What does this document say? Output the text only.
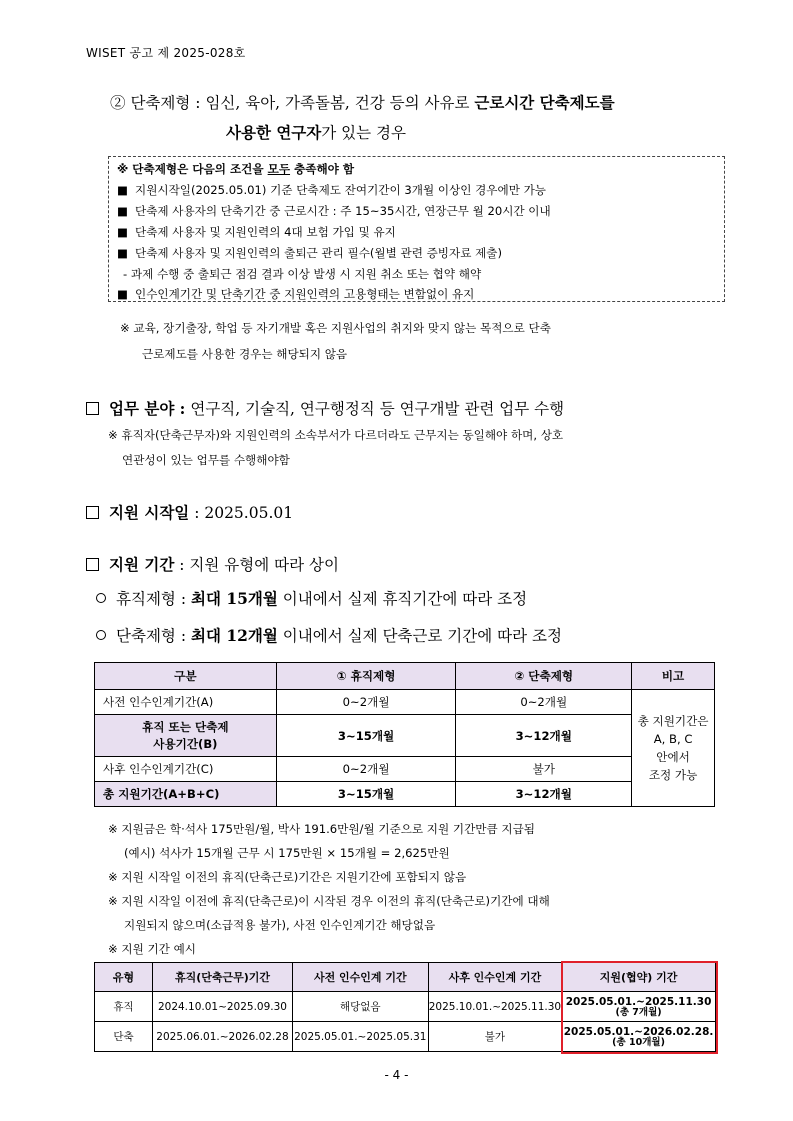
WISET 공고 제 2025-028호
② 단축제형 : 임신, 육아, 가족돌봄, 건강 등의 사유로 근로시간 단축제도를
사용한 연구자가 있는 경우
※ 단축제형은 다음의 조건을 모두 충족해야 함
■ 지원시작일(2025.05.01) 기준 단축제도 잔여기간이 3개월 이상인 경우에만 가능
■ 단축제 사용자의 단축기간 중 근로시간 : 주 15~35시간, 연장근무 월 20시간 이내
■ 단축제 사용자 및 지원인력의 4대 보험 가입 및 유지
■ 단축제 사용자 및 지원인력의 출퇴근 관리 필수(월별 관련 증빙자료 제출)
- 과제 수행 중 출퇴근 점검 결과 이상 발생 시 지원 취소 또는 협약 해약
■ 인수인계기간 및 단축기간 중 지원인력의 고용형태는 변함없이 유지
※ 교육, 장기출장, 학업 등 자기개발 혹은 지원사업의 취지와 맞지 않는 목적으로 단축
근로제도를 사용한 경우는 해당되지 않음
업무 분야 : 연구직, 기술직, 연구행정직 등 연구개발 관련 업무 수행
※ 휴직자(단축근무자)와 지원인력의 소속부서가 다르더라도 근무지는 동일해야 하며, 상호
연관성이 있는 업무를 수행해야함
지원 시작일 : 2025.05.01
지원 기간 : 지원 유형에 따라 상이
휴직제형 : 최대 15개월 이내에서 실제 휴직기간에 따라 조정
단축제형 : 최대 12개월 이내에서 실제 단축근로 기간에 따라 조정
구분	① 휴직제형	② 단축제형	비고
사전 인수인계기간(A)	0~2개월	0~2개월	총 지원기간은
A, B, C
안에서
조정 가능

휴직 또는 단축제
사용기간(B)	3~15개월	3~12개월	
사후 인수인계기간(C)	0~2개월	불가	
총 지원기간(A+B+C)	3~15개월	3~12개월	
※ 지원금은 학·석사 175만원/월, 박사 191.6만원/월 기준으로 지원 기간만큼 지급됨
(예시) 석사가 15개월 근무 시 175만원 × 15개월 = 2,625만원
※ 지원 시작일 이전의 휴직(단축근로)기간은 지원기간에 포함되지 않음
※ 지원 시작일 이전에 휴직(단축근로)이 시작된 경우 이전의 휴직(단축근로)기간에 대해
지원되지 않으며(소급적용 불가), 사전 인수인계기간 해당없음
※ 지원 기간 예시
유형	휴직(단축근무)기간	사전 인수인계 기간	사후 인수인계 기간	지원(협약) 기간
휴직	2024.10.01~2025.09.30	해당없음	2025.10.01.~2025.11.30	2025.05.01.~2025.11.30
(총 7개월)

단축	2025.06.01.~2026.02.28	2025.05.01.~2025.05.31	불가	2025.05.01.~2026.02.28.
(총 10개월)
- 4 -
